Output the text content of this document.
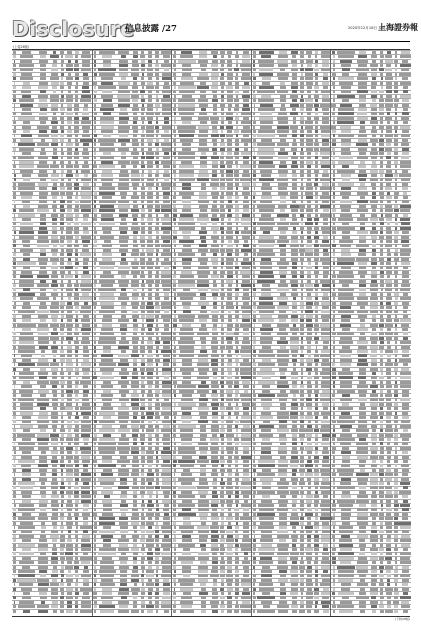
Disclosure
信息披露 /27	2020年12月18日 星期二
上海證券報
(上接26版)
(下转28版)
